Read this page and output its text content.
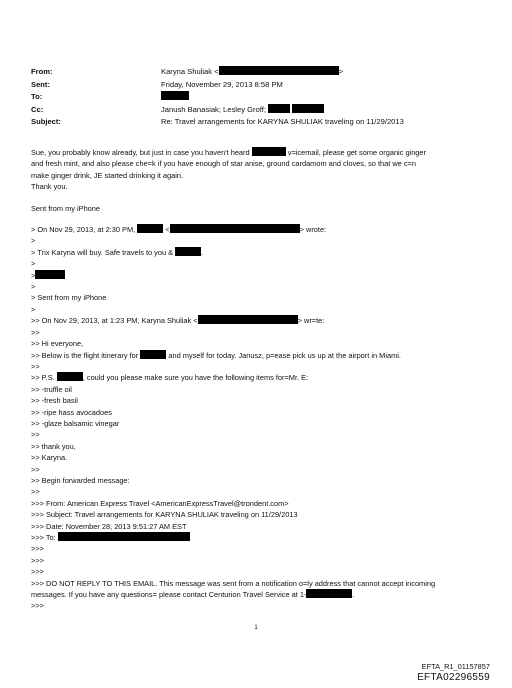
From:	Karyna Shuliak <	>
Sent:	Friday, November 29, 2013 8:58 PM
To:
Cc:	Janush Banasiak; Lesley Groff;
Subject:	Re: Travel arrangements for KARYNA SHULIAK traveling on 11/29/2013
Sue, you probably know already, but just in case you haven't heard	v=icemail, please get some organic ginger
and fresh mint, and also please che=k if you have enough of star anise, ground cardamom and cloves, so that we c=n
make ginger drink, JE started drinking it again.
Thank you.
Sent from my iPhone
> On Nov 29, 2013, at 2:30 PM,	<	> wrote:
>
> Tnx Karyna will buy. Safe travels to you &	.
>
>
>
> Sent from my iPhone
>
>> On Nov 29, 2013, at 1:23 PM, Karyna Shuliak <	> wr=te:
>>
>> Hi everyone,
>> Below is the flight itinerary for	and myself for today. Janusz, p=ease pick us up at the airport in Miami.
>>
>> P.S.	, could you please make sure you have the following items for=Mr. E:
>> -truffle oil
>> -fresh basil
>> -ripe hass avocadoes
>> -glaze balsamic vinegar
>>
>> thank you,
>> Karyna.
>>
>> Begin forwarded message:
>>
>>> From: American Express Travel <AmericanExpressTravel@trondent.com>
>>> Subject: Travel arrangements for KARYNA SHULIAK traveling on 11/29/2013
>>> Date: November 28, 2013 9:51:27 AM EST
>>> To:
>>>
>>>
>>>
>>> DO NOT REPLY TO THIS EMAIL. This message was sent from a notification o=ly address that cannot accept incoming
messages. If you have any questions= please contact Centurion Travel Service at 1-	.
>>>
1
EFTA_R1_01157857
EFTA02296559
